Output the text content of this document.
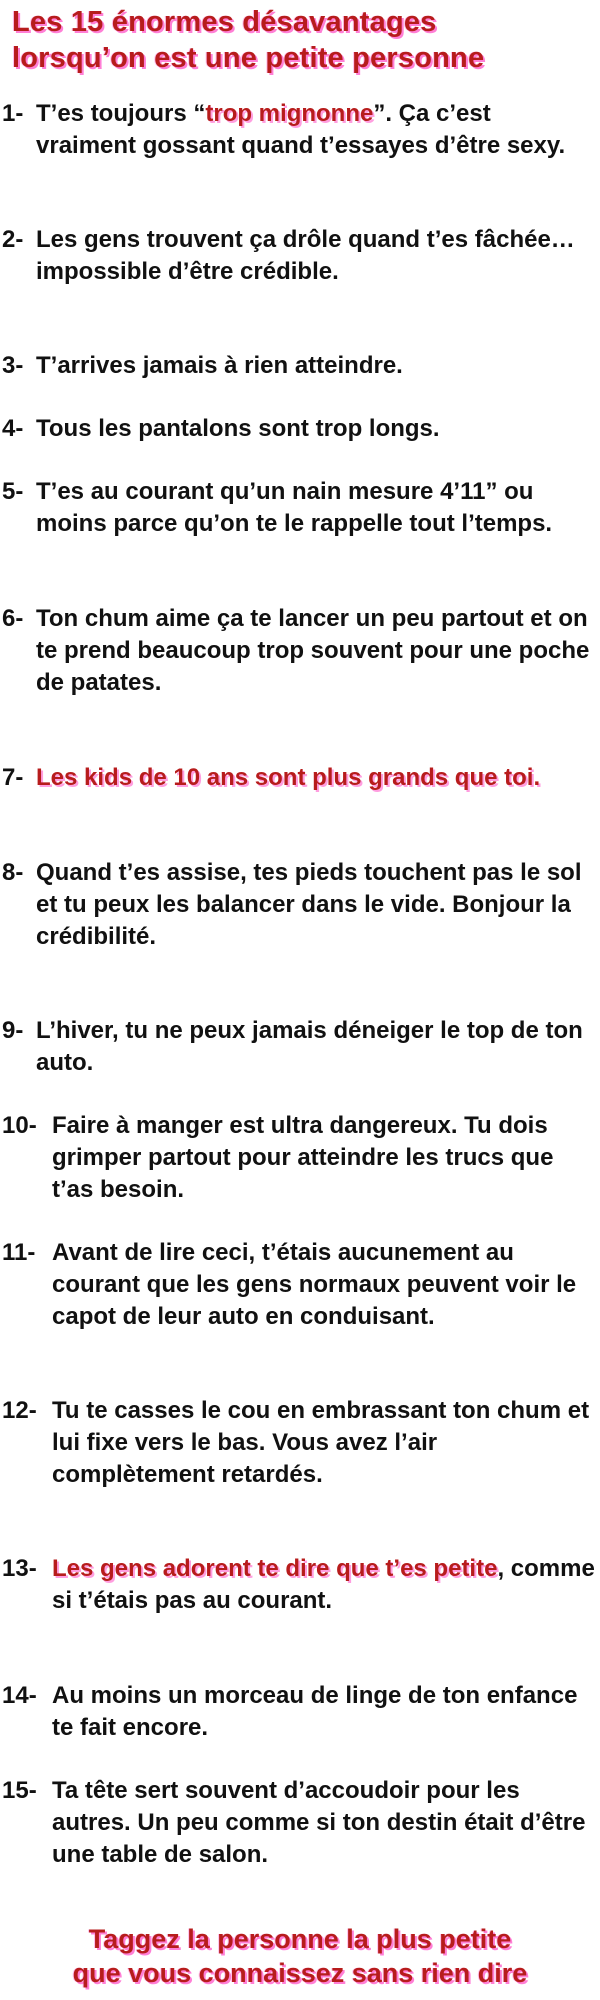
Les 15 énormes désavantages
lorsqu’on est une petite personne

1- T’es toujours “trop mignonne”. Ça c’est vraiment gossant quand t’essayes d’être sexy.
2- Les gens trouvent ça drôle quand t’es fâchée… impossible d’être crédible.
3- T’arrives jamais à rien atteindre.
4- Tous les pantalons sont trop longs.
5- T’es au courant qu’un nain mesure 4’11” ou moins parce qu’on te le rappelle tout l’temps.
6- Ton chum aime ça te lancer un peu partout et on te prend beaucoup trop souvent pour une poche de patates.
7- Les kids de 10 ans sont plus grands que toi.
8- Quand t’es assise, tes pieds touchent pas le sol et tu peux les balancer dans le vide. Bonjour la crédibilité.
9- L’hiver, tu ne peux jamais déneiger le top de ton auto.
10- Faire à manger est ultra dangereux. Tu dois grimper partout pour atteindre les trucs que t’as besoin.
11- Avant de lire ceci, t’étais aucunement au courant que les gens normaux peuvent voir le capot de leur auto en conduisant.
12- Tu te casses le cou en embrassant ton chum et lui fixe vers le bas. Vous avez l’air complètement retardés.
13- Les gens adorent te dire que t’es petite, comme si t’étais pas au courant.
14- Au moins un morceau de linge de ton enfance te fait encore.
15- Ta tête sert souvent d’accoudoir pour les autres. Un peu comme si ton destin était d’être une table de salon.
Taggez la personne la plus petite
que vous connaissez sans rien dire
